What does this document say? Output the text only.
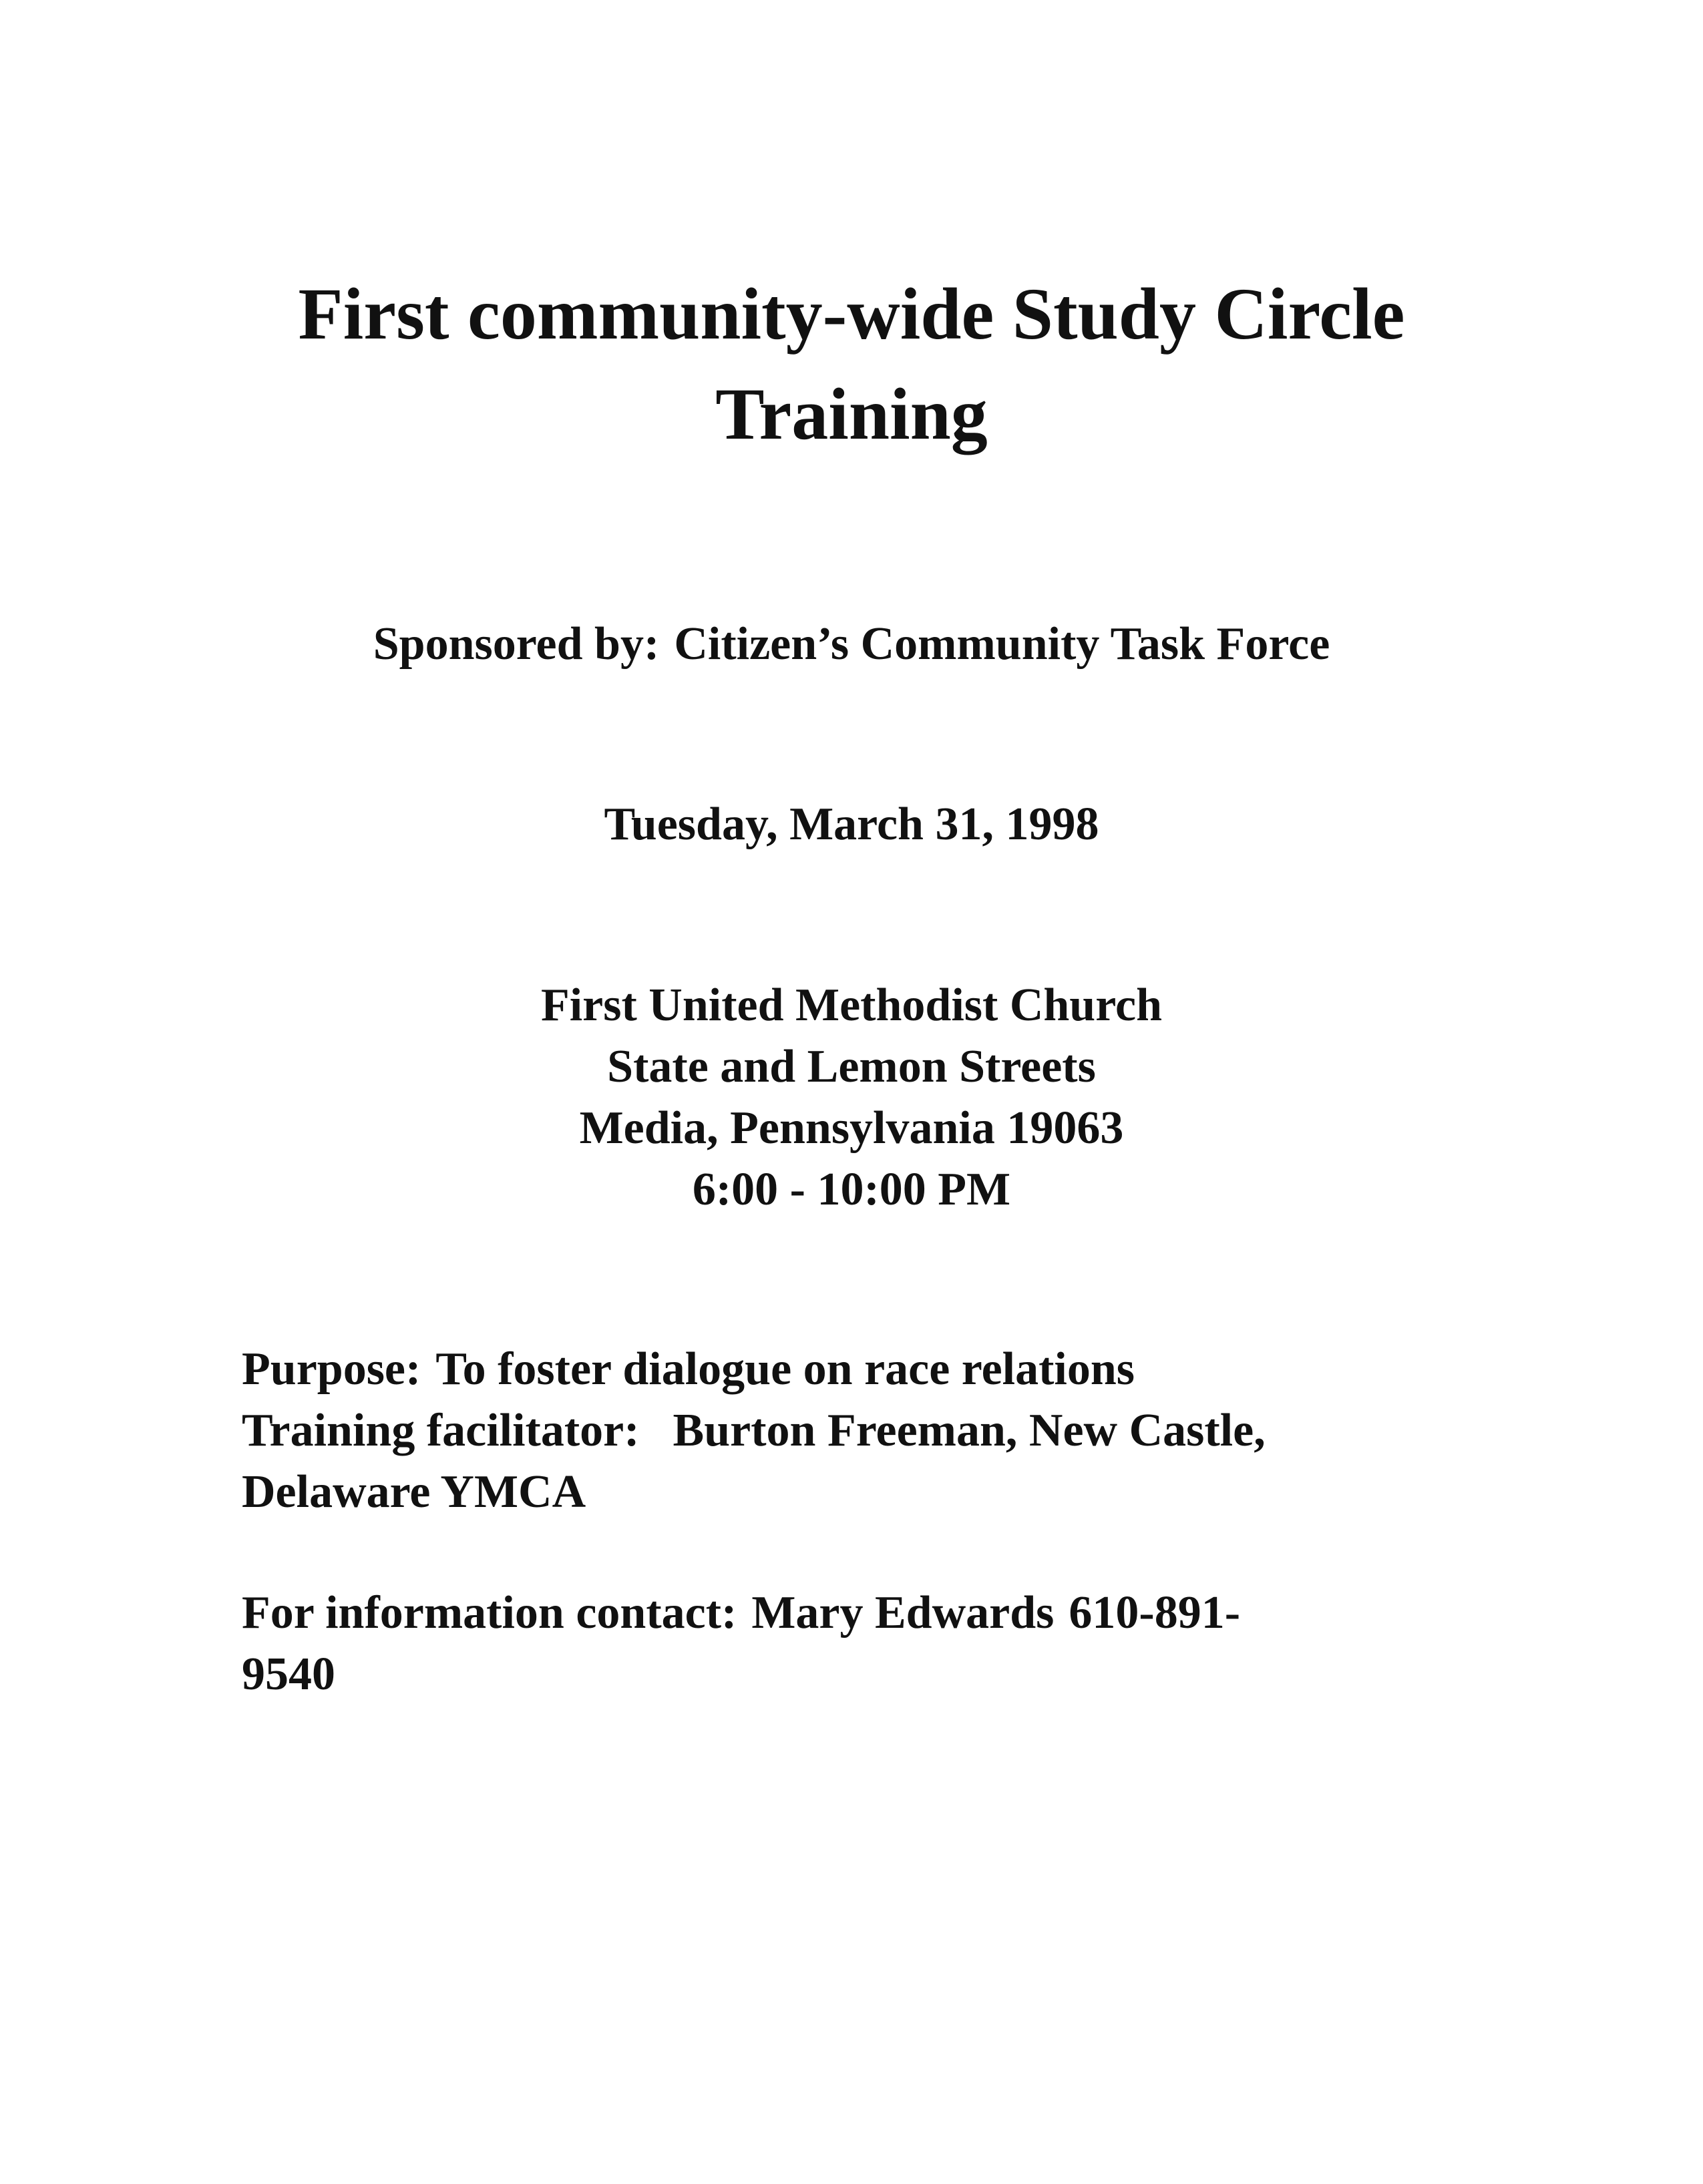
First community-wide Study Circle
Training
Sponsored by: Citizen’s Community Task Force
Tuesday, March 31, 1998
First United Methodist Church
State and Lemon Streets
Media, Pennsylvania 19063
6:00 - 10:00 PM
Purpose: To foster dialogue on race relations
Training facilitator: Burton Freeman, New Castle,
Delaware YMCA
For information contact: Mary Edwards 610-891-
9540
